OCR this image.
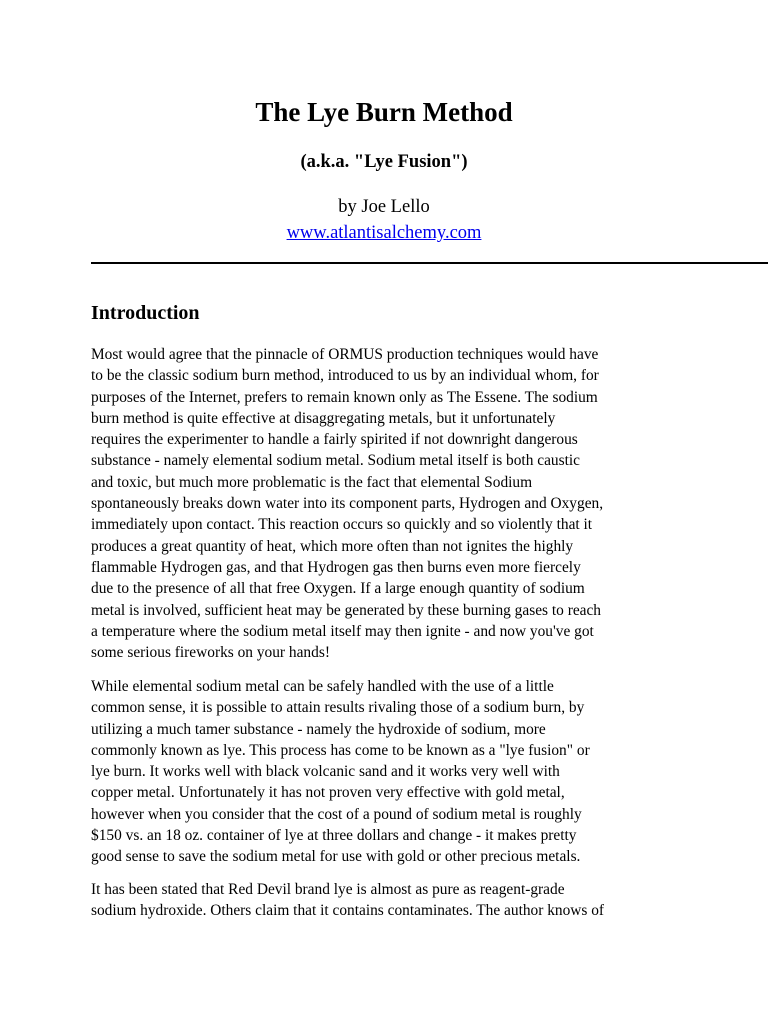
The Lye Burn Method
(a.k.a. "Lye Fusion")

by Joe Lello

www.atlantisalchemy.com

Introduction

Most would agree that the pinnacle of ORMUS production techniques would have
to be the classic sodium burn method, introduced to us by an individual whom, for
purposes of the Internet, prefers to remain known only as The Essene. The sodium
burn method is quite effective at disaggregating metals, but it unfortunately
requires the experimenter to handle a fairly spirited if not downright dangerous
substance - namely elemental sodium metal. Sodium metal itself is both caustic
and toxic, but much more problematic is the fact that elemental Sodium
spontaneously breaks down water into its component parts, Hydrogen and Oxygen,
immediately upon contact. This reaction occurs so quickly and so violently that it
produces a great quantity of heat, which more often than not ignites the highly
flammable Hydrogen gas, and that Hydrogen gas then burns even more fiercely
due to the presence of all that free Oxygen. If a large enough quantity of sodium
metal is involved, sufficient heat may be generated by these burning gases to reach
a temperature where the sodium metal itself may then ignite - and now you've got
some serious fireworks on your hands!

While elemental sodium metal can be safely handled with the use of a little
common sense, it is possible to attain results rivaling those of a sodium burn, by
utilizing a much tamer substance - namely the hydroxide of sodium, more
commonly known as lye. This process has come to be known as a "lye fusion" or
lye burn. It works well with black volcanic sand and it works very well with
copper metal. Unfortunately it has not proven very effective with gold metal,
however when you consider that the cost of a pound of sodium metal is roughly
$150 vs. an 18 oz. container of lye at three dollars and change - it makes pretty
good sense to save the sodium metal for use with gold or other precious metals.

It has been stated that Red Devil brand lye is almost as pure as reagent-grade
sodium hydroxide. Others claim that it contains contaminates. The author knows of
